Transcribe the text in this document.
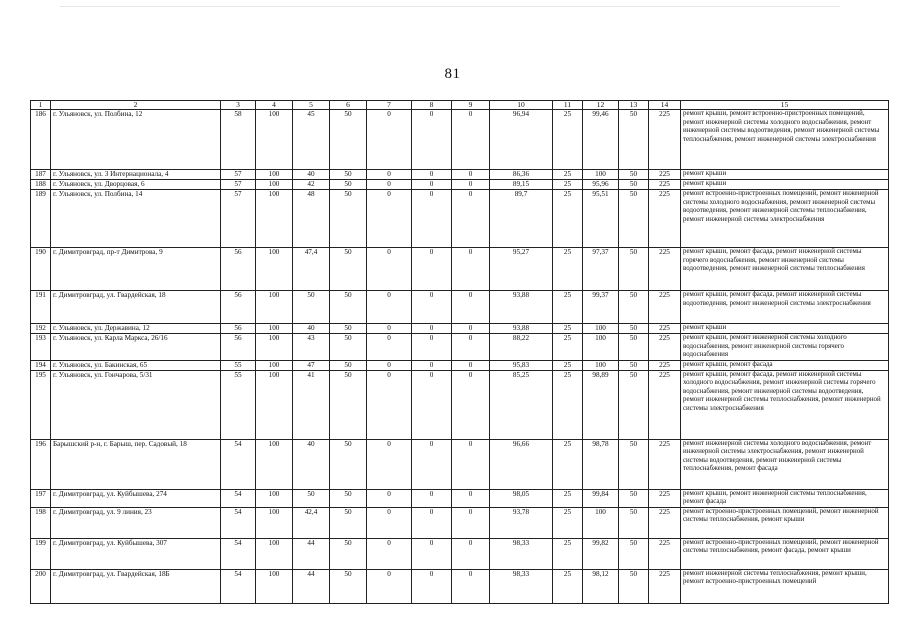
81
1	2	3	4	5	6	7	8	9	10	11	12	13	14	15
186	г. Ульяновск, ул. Полбина, 12	58	100	45	50	0	0	0	96,94	25	99,46	50	225	ремонт крыши, ремонт встроенно-пристроенных помещений, ремонт инженерной системы холодного водоснабжения, ремонт инженерной системы водоотведения, ремонт инженерной системы теплоснабжения, ремонт инженерной системы электроснабжения
187	г. Ульяновск, ул. 3 Интернационала, 4	57	100	40	50	0	0	0	86,36	25	100	50	225	ремонт крыши
188	г. Ульяновск, ул. Дворцовая, 6	57	100	42	50	0	0	0	89,15	25	95,96	50	225	ремонт крыши
189	г. Ульяновск, ул. Полбина, 14	57	100	48	50	0	0	0	89,7	25	95,51	50	225	ремонт встроенно-пристроенных помещений, ремонт инженерной системы холодного водоснабжения, ремонт инженерной системы водоотведения, ремонт инженерной системы теплоснабжения, ремонт инженерной системы электроснабжения
190	г. Димитровград, пр-т Димитрова, 9	56	100	47,4	50	0	0	0	95,27	25	97,37	50	225	ремонт крыши, ремонт фасада, ремонт инженерной системы горячего водоснабжения, ремонт инженерной системы водоотведения, ремонт инженерной системы теплоснабжения
191	г. Димитровград, ул. Гвардейская, 18	56	100	50	50	0	0	0	93,88	25	99,37	50	225	ремонт крыши, ремонт фасада, ремонт инженерной системы водоотведения, ремонт инженерной системы электроснабжения
192	г. Ульяновск, ул. Державина, 12	56	100	40	50	0	0	0	93,88	25	100	50	225	ремонт крыши
193	г. Ульяновск, ул. Карла Маркса, 26/16	56	100	43	50	0	0	0	88,22	25	100	50	225	ремонт крыши, ремонт инженерной системы холодного водоснабжения, ремонт инженерной системы горячего водоснабжения
194	г. Ульяновск, ул. Бакинская, 65	55	100	47	50	0	0	0	95,83	25	100	50	225	ремонт крыши, ремонт фасада
195	г. Ульяновск, ул. Гончарова, 5/31	55	100	41	50	0	0	0	85,25	25	98,89	50	225	ремонт крыши, ремонт фасада, ремонт инженерной системы холодного водоснабжения, ремонт инженерной системы горячего водоснабжения, ремонт инженерной системы водоотведения, ремонт инженерной системы теплоснабжения, ремонт инженерной системы электроснабжения
196	Барышский р-н, г. Барыш, пер. Садовый, 18	54	100	40	50	0	0	0	96,66	25	98,78	50	225	ремонт инженерной системы холодного водоснабжения, ремонт инженерной системы электроснабжения, ремонт инженерной системы водоотведения, ремонт инженерной системы теплоснабжения, ремонт фасада
197	г. Димитровград, ул. Куйбышева, 274	54	100	50	50	0	0	0	98,05	25	99,84	50	225	ремонт крыши, ремонт инженерной системы теплоснабжения, ремонт фасада
198	г. Димитровград, ул. 9 линия, 23	54	100	42,4	50	0	0	0	93,78	25	100	50	225	ремонт встроенно-пристроенных помещений, ремонт инженерной системы теплоснабжения, ремонт крыши
199	г. Димитровград, ул. Куйбышева, 307	54	100	44	50	0	0	0	98,33	25	99,82	50	225	ремонт встроенно-пристроенных помещений, ремонт инженерной системы теплоснабжения, ремонт фасада, ремонт крыши
200	г. Димитровград, ул. Гвардейская, 18Б	54	100	44	50	0	0	0	98,33	25	98,12	50	225	ремонт инженерной системы теплоснабжения, ремонт крыши, ремонт встроенно-пристроенных помещений
